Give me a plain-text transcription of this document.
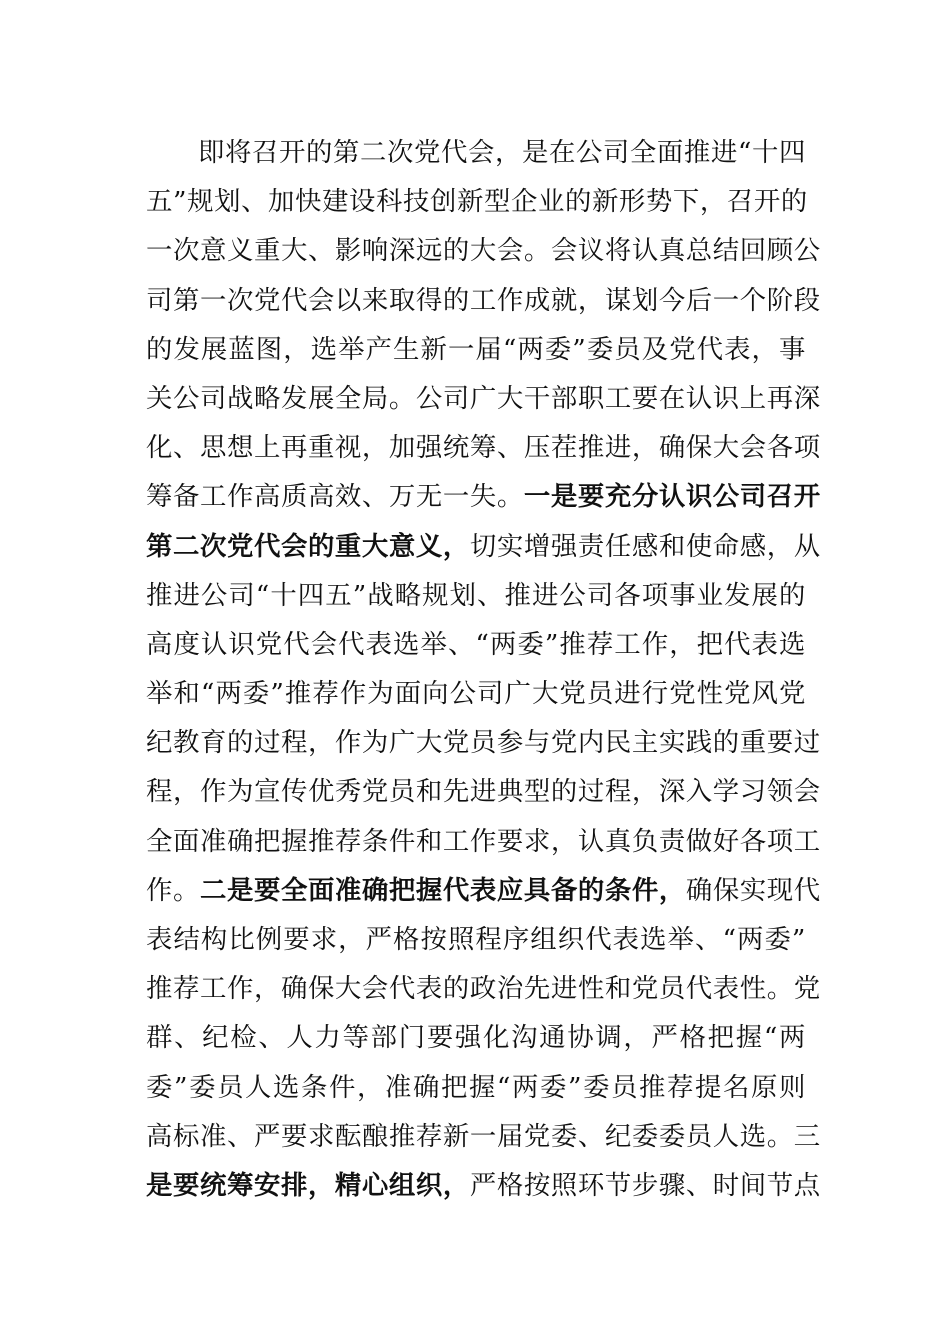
即将召开的第二次党代会，是在公司全面推进“十四
五”规划、加快建设科技创新型企业的新形势下，召开的
一次意义重大、影响深远的大会。会议将认真总结回顾公
司第一次党代会以来取得的工作成就，谋划今后一个阶段
的发展蓝图，选举产生新一届“两委”委员及党代表，事
关公司战略发展全局。公司广大干部职工要在认识上再深
化、思想上再重视，加强统筹、压茬推进，确保大会各项
筹备工作高质高效、万无一失。一是要充分认识公司召开
第二次党代会的重大意义，切实增强责任感和使命感，从
推进公司“十四五”战略规划、推进公司各项事业发展的
高度认识党代会代表选举、“两委”推荐工作，把代表选
举和“两委”推荐作为面向公司广大党员进行党性党风党
纪教育的过程，作为广大党员参与党内民主实践的重要过
程，作为宣传优秀党员和先进典型的过程，深入学习领会
全面准确把握推荐条件和工作要求，认真负责做好各项工
作。二是要全面准确把握代表应具备的条件，确保实现代
表结构比例要求，严格按照程序组织代表选举、“两委”
推荐工作，确保大会代表的政治先进性和党员代表性。党
群、纪检、人力等部门要强化沟通协调，严格把握“两
委”委员人选条件，准确把握“两委”委员推荐提名原则
高标准、严要求酝酿推荐新一届党委、纪委委员人选。三
是要统筹安排，精心组织，严格按照环节步骤、时间节点
